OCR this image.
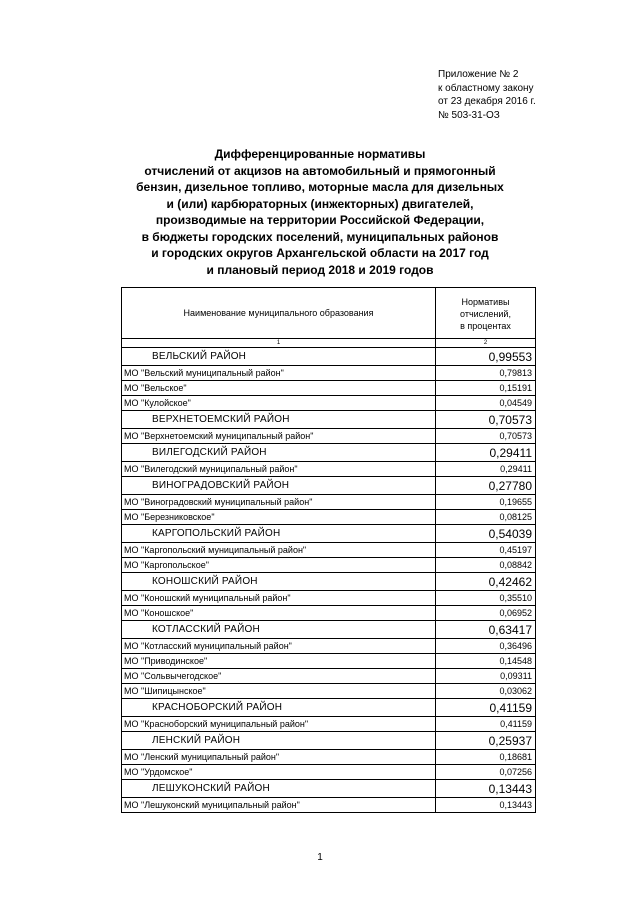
Приложение № 2
к областному закону
от 23 декабря 2016 г.
№ 503-31-ОЗ
Дифференцированные нормативы
отчислений от акцизов на автомобильный и прямогонный
бензин, дизельное топливо, моторные масла для дизельных
и (или) карбюраторных (инжекторных) двигателей,
производимые на территории Российской Федерации,
в бюджеты городских поселений, муниципальных районов
и городских округов Архангельской области на 2017 год
и плановый период 2018 и 2019 годов
Наименование муниципального образования	Нормативы
отчислений,
в процентах

1	2
ВЕЛЬСКИЙ РАЙОН	0,99553
МО "Вельский муниципальный район"	0,79813
МО "Вельское"	0,15191
МО "Кулойское"	0,04549
ВЕРХНЕТОЕМСКИЙ РАЙОН	0,70573
МО "Верхнетоемский муниципальный район"	0,70573
ВИЛЕГОДСКИЙ РАЙОН	0,29411
МО "Вилегодский муниципальный район"	0,29411
ВИНОГРАДОВСКИЙ РАЙОН	0,27780
МО "Виноградовский муниципальный район"	0,19655
МО "Березниковское"	0,08125
КАРГОПОЛЬСКИЙ РАЙОН	0,54039
МО "Каргопольский муниципальный район"	0,45197
МО "Каргопольское"	0,08842
КОНОШСКИЙ РАЙОН	0,42462
МО "Коношский муниципальный район"	0,35510
МО "Коношское"	0,06952
КОТЛАССКИЙ РАЙОН	0,63417
МО "Котласский муниципальный район"	0,36496
МО "Приводинское"	0,14548
МО "Сольвычегодское"	0,09311
МО "Шипицынское"	0,03062
КРАСНОБОРСКИЙ РАЙОН	0,41159
МО "Красноборский муниципальный район"	0,41159
ЛЕНСКИЙ РАЙОН	0,25937
МО "Ленский муниципальный район"	0,18681
МО "Урдомское"	0,07256
ЛЕШУКОНСКИЙ РАЙОН	0,13443
МО "Лешуконский муниципальный район"	0,13443
1
